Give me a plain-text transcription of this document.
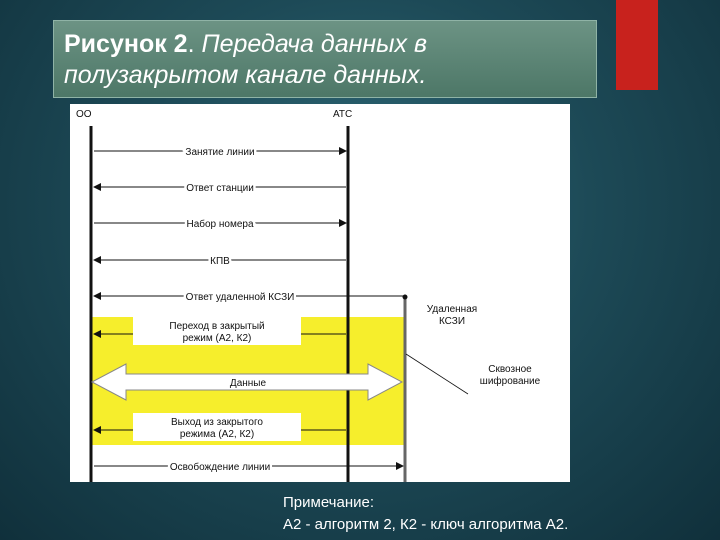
Рисунок 2. Передача данных в
полузакрытом канале данных.
ОО	АТС
Занятие линии
Ответ станции
Набор номера
КПВ
Ответ удаленной КСЗИ
Удаленная
КСЗИ
Переход в закрытый
режим (А2, К2)
Данные
Сквозное
шифрование
Выход из закрытого
режима (А2, К2)
Освобождение линии
Примечание:
А2 - алгоритм 2, К2 - ключ алгоритма А2.
